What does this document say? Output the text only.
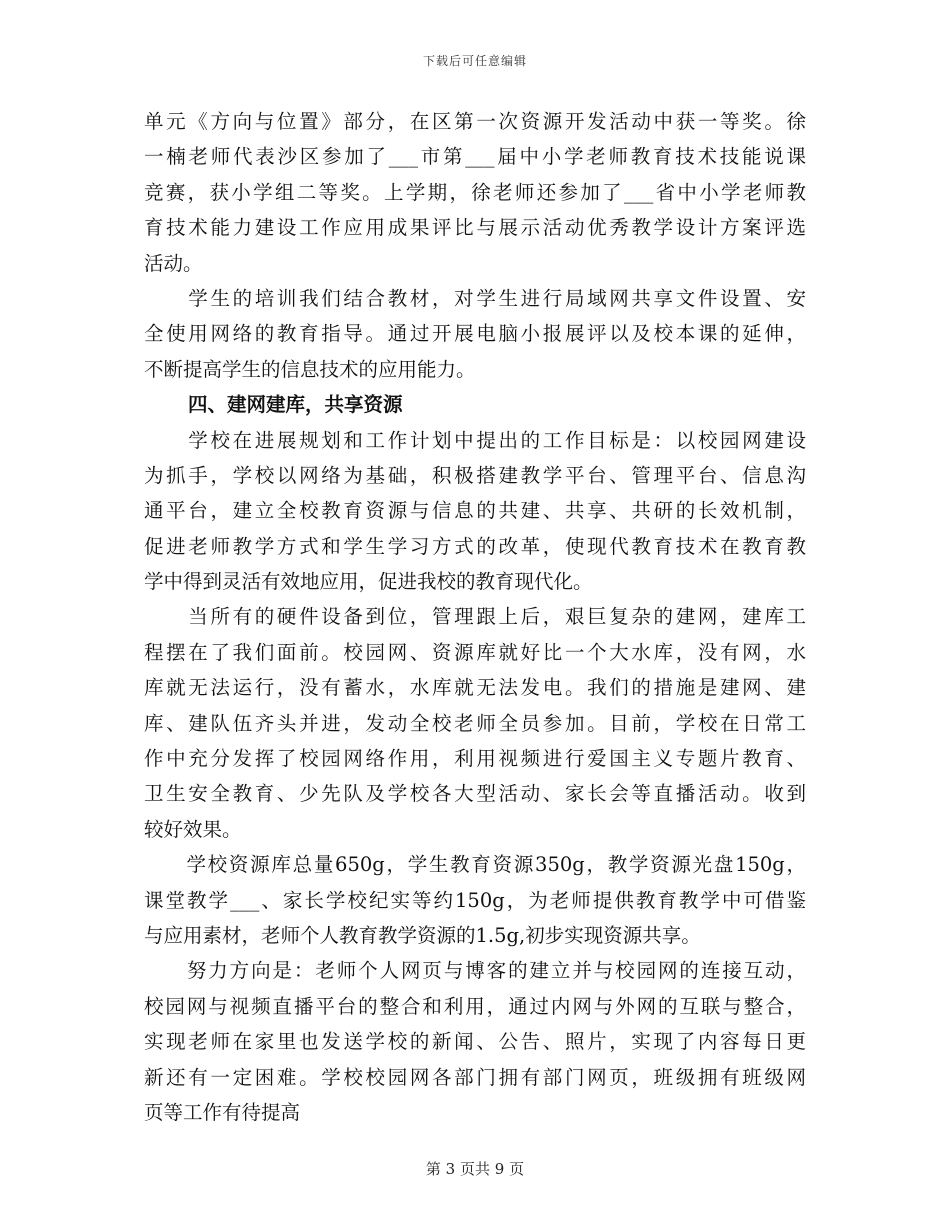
下载后可任意编辑
单元《方向与位置》部分，在区第一次资源开发活动中获一等奖。徐
一楠老师代表沙区参加了___市第___届中小学老师教育技术技能说课
竞赛，获小学组二等奖。上学期，徐老师还参加了___省中小学老师教
育技术能力建设工作应用成果评比与展示活动优秀教学设计方案评选
活动。
　　学生的培训我们结合教材，对学生进行局域网共享文件设置、安
全使用网络的教育指导。通过开展电脑小报展评以及校本课的延伸，
不断提高学生的信息技术的应用能力。
四、建网建库，共享资源
　　学校在进展规划和工作计划中提出的工作目标是：以校园网建设
为抓手，学校以网络为基础，积极搭建教学平台、管理平台、信息沟
通平台，建立全校教育资源与信息的共建、共享、共研的长效机制，
促进老师教学方式和学生学习方式的改革，使现代教育技术在教育教
学中得到灵活有效地应用，促进我校的教育现代化。
　　当所有的硬件设备到位，管理跟上后，艰巨复杂的建网，建库工
程摆在了我们面前。校园网、资源库就好比一个大水库，没有网，水
库就无法运行，没有蓄水，水库就无法发电。我们的措施是建网、建
库、建队伍齐头并进，发动全校老师全员参加。目前，学校在日常工
作中充分发挥了校园网络作用，利用视频进行爱国主义专题片教育、
卫生安全教育、少先队及学校各大型活动、家长会等直播活动。收到
较好效果。
　　学校资源库总量650g，学生教育资源350g，教学资源光盘150g，
课堂教学___、家长学校纪实等约150g，为老师提供教育教学中可借鉴
与应用素材，老师个人教育教学资源的1.5g,初步实现资源共享。
　　努力方向是：老师个人网页与博客的建立并与校园网的连接互动，
校园网与视频直播平台的整合和利用，通过内网与外网的互联与整合，
实现老师在家里也发送学校的新闻、公告、照片，实现了内容每日更
新还有一定困难。学校校园网各部门拥有部门网页，班级拥有班级网
页等工作有待提高
第 3 页共 9 页
